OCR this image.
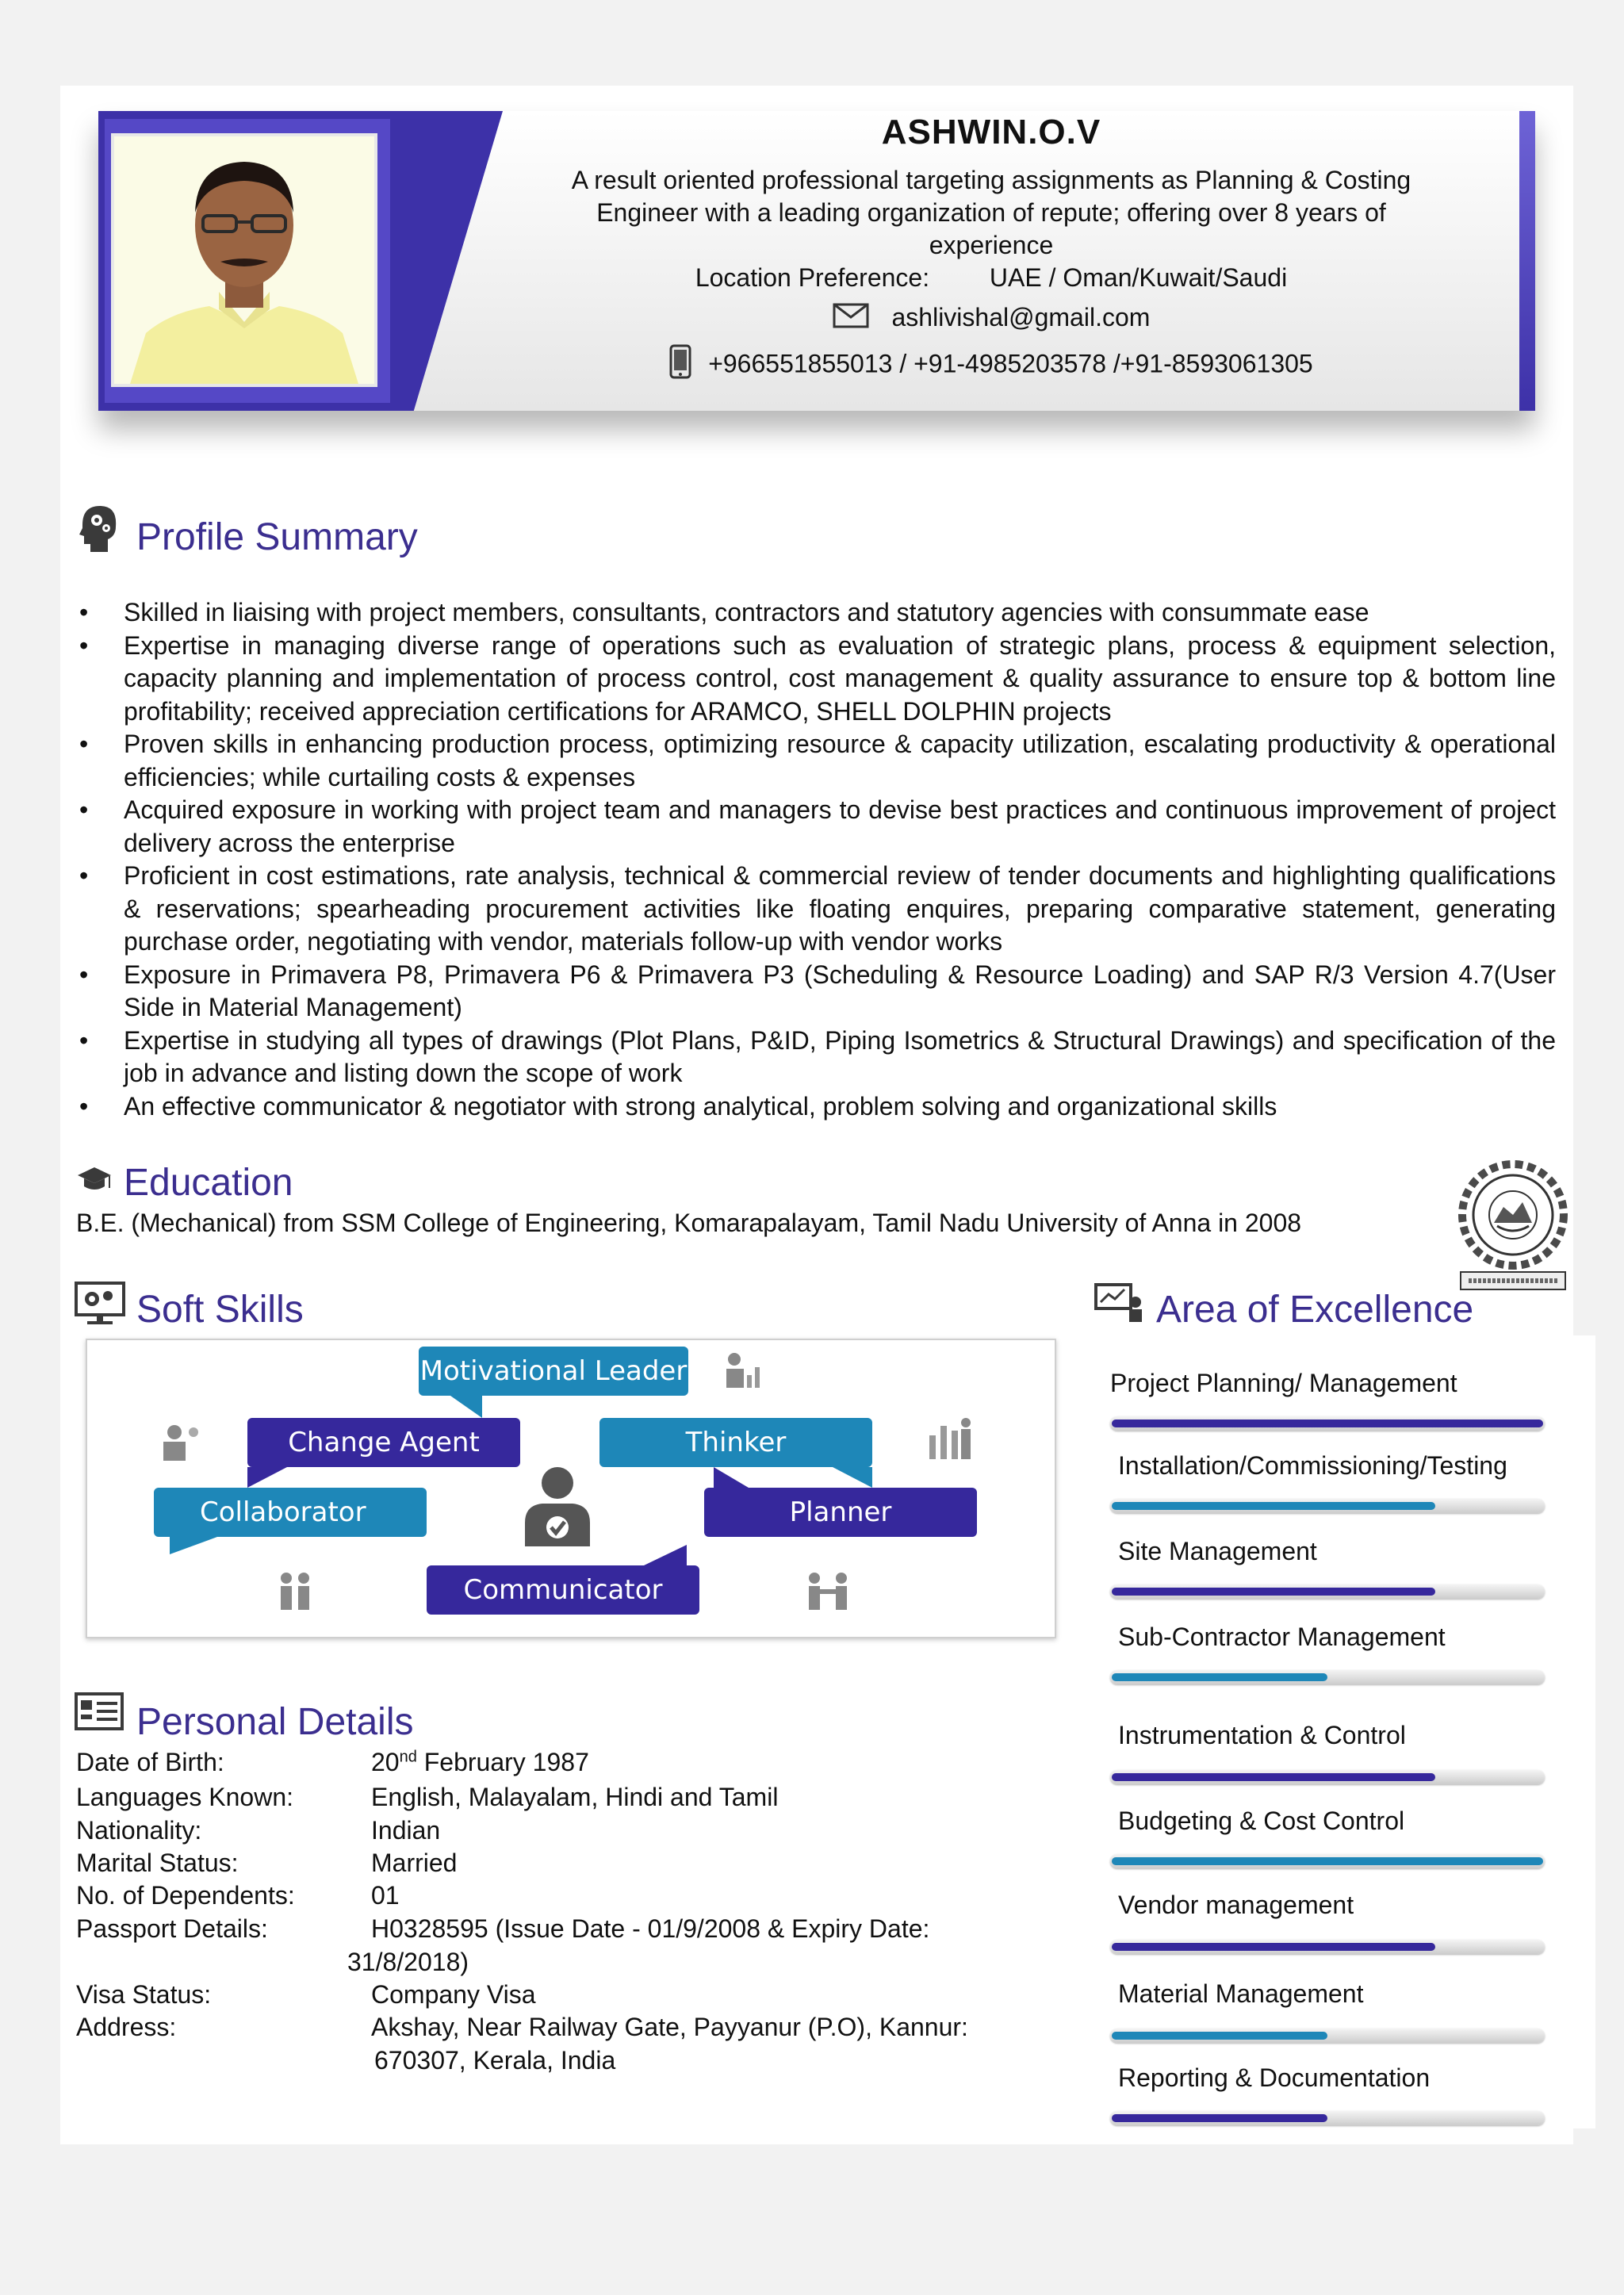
ASHWIN.O.V
A result oriented professional targeting assignments as Planning & Costing
Engineer with a leading organization of repute; offering over 8 years of
experience
Location Preference: UAE / Oman/Kuwait/Saudi
ashlivishal@gmail.com
+966551855013 / +91-4985203578 /+91-8593061305
Profile Summary
• Skilled in liaising with project members, consultants, contractors and statutory agencies with consummate ease
• Expertise in managing diverse range of operations such as evaluation of strategic plans, process & equipment selection, capacity planning and implementation of process control, cost management & quality assurance to ensure top & bottom line profitability; received appreciation certifications for ARAMCO, SHELL DOLPHIN projects
• Proven skills in enhancing production process, optimizing resource & capacity utilization, escalating productivity & operational efficiencies; while curtailing costs & expenses
• Acquired exposure in working with project team and managers to devise best practices and continuous improvement of project delivery across the enterprise
• Proficient in cost estimations, rate analysis, technical & commercial review of tender documents and highlighting qualifications & reservations; spearheading procurement activities like floating enquires, preparing comparative statement, generating purchase order, negotiating with vendor, materials follow-up with vendor works
• Exposure in Primavera P8, Primavera P6 & Primavera P3 (Scheduling & Resource Loading) and SAP R/3 Version 4.7(User Side in Material Management)
• Expertise in studying all types of drawings (Plot Plans, P&ID, Piping Isometrics & Structural Drawings) and specification of the job in advance and listing down the scope of work
• An effective communicator & negotiator with strong analytical, problem solving and organizational skills
Education
B.E. (Mechanical) from SSM College of Engineering, Komarapalayam, Tamil Nadu University of Anna in 2008
Soft Skills
Motivational Leader
Change Agent	Thinker
Collaborator	Planner
Communicator
Personal Details
Date of Birth:	20nd February 1987
Languages Known:	English, Malayalam, Hindi and Tamil
Nationality:	Indian
Marital Status:	Married
No. of Dependents:	01
Passport Details:	H0328595 (Issue Date - 01/9/2008 & Expiry Date:
31/8/2018)
Visa Status:	Company Visa
Address:	Akshay, Near Railway Gate, Payyanur (P.O), Kannur:
670307, Kerala, India
Area of Excellence
Project Planning/ Management
Installation/Commissioning/Testing
Site Management
Sub-Contractor Management
Instrumentation & Control
Budgeting & Cost Control
Vendor management
Material Management
Reporting & Documentation
